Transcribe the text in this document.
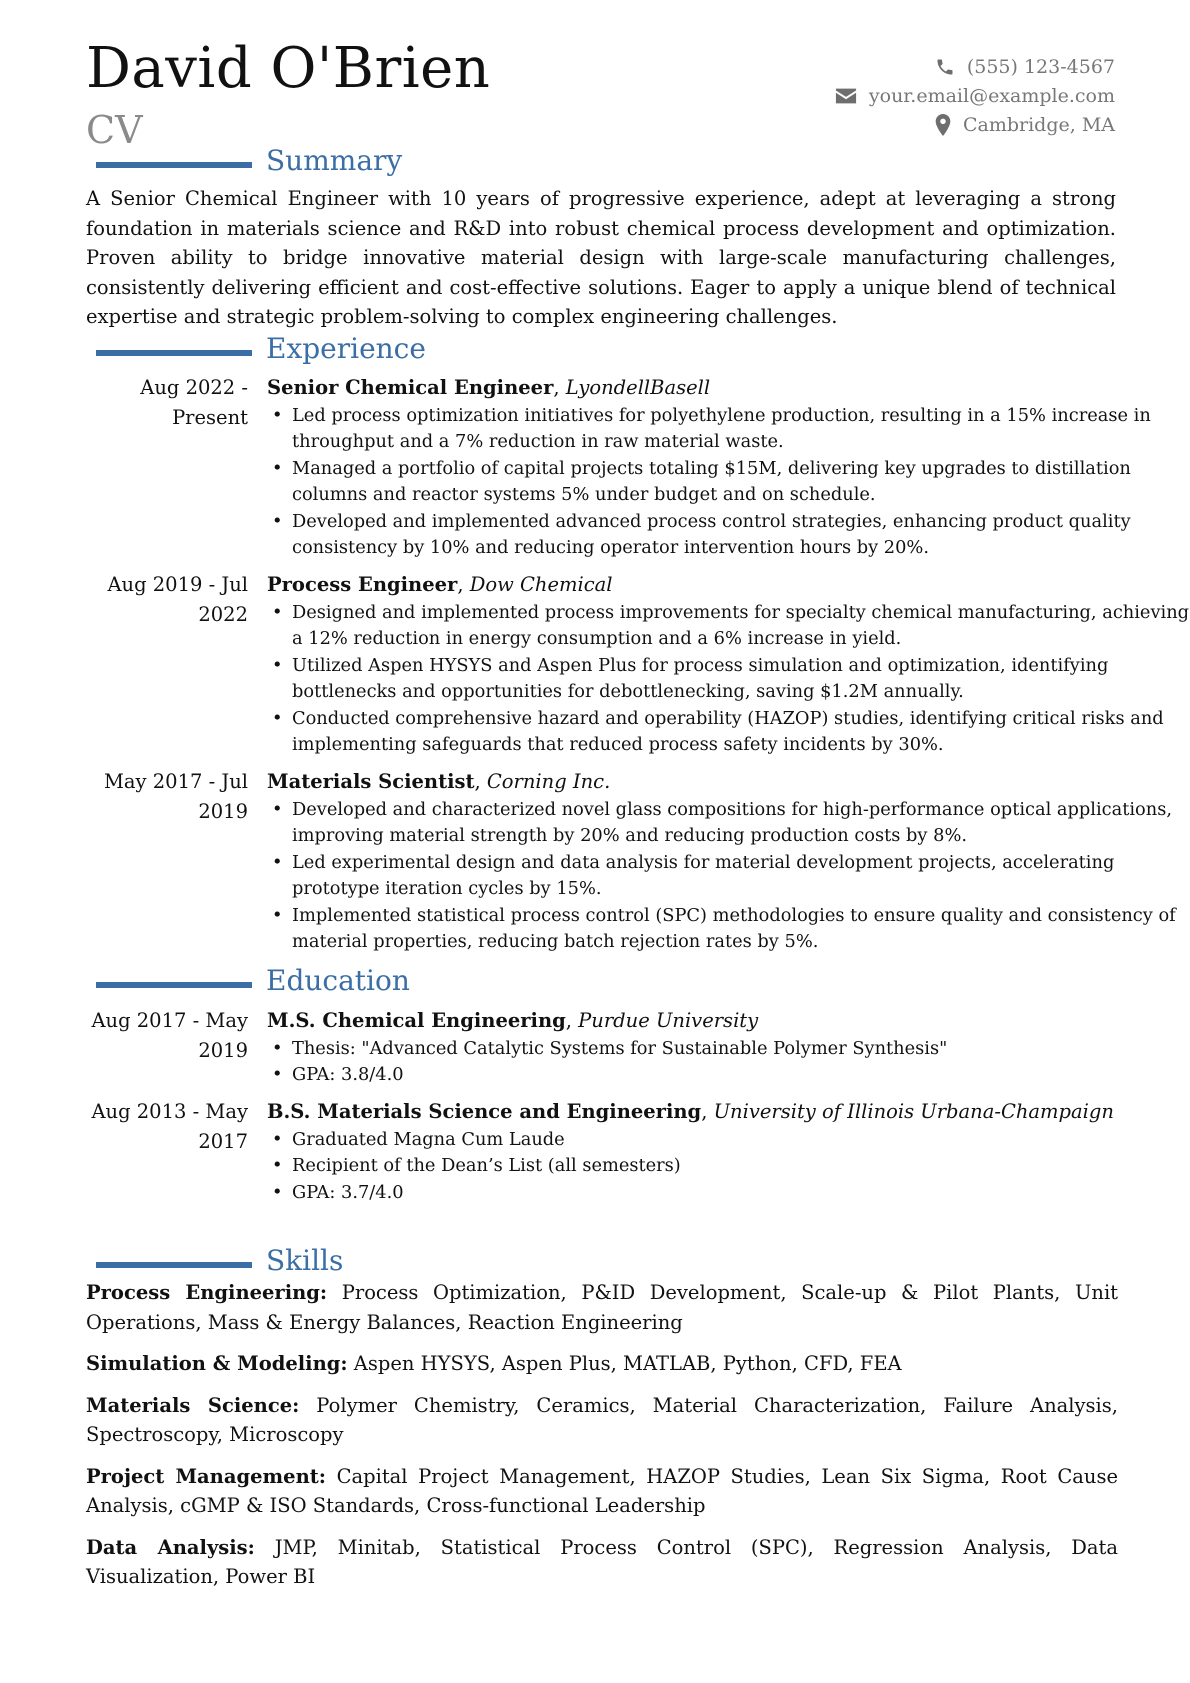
David O'Brien
CV
(555) 123-4567
your.email@example.com
Cambridge, MA
Summary

A Senior Chemical Engineer with 10 years of progressive experience, adept at leveraging a strong foundation in materials science and R&D into robust chemical process development and optimization. Proven ability to bridge innovative material design with large-scale manufacturing challenges, consistently delivering efficient and cost-effective solutions. Eager to apply a unique blend of technical expertise and strategic problem-solving to complex engineering challenges.

Experience
Aug 2022 - Present
Senior Chemical Engineer, LyondellBasell
• Led process optimization initiatives for polyethylene production, resulting in a 15% increase in throughput and a 7% reduction in raw material waste.
• Managed a portfolio of capital projects totaling $15M, delivering key upgrades to distillation columns and reactor systems 5% under budget and on schedule.
• Developed and implemented advanced process control strategies, enhancing product quality consistency by 10% and reducing operator intervention hours by 20%.
Aug 2019 - Jul 2022
Process Engineer, Dow Chemical
• Designed and implemented process improvements for specialty chemical manufacturing, achieving a 12% reduction in energy consumption and a 6% increase in yield.
• Utilized Aspen HYSYS and Aspen Plus for process simulation and optimization, identifying bottlenecks and opportunities for debottlenecking, saving $1.2M annually.
• Conducted comprehensive hazard and operability (HAZOP) studies, identifying critical risks and implementing safeguards that reduced process safety incidents by 30%.
May 2017 - Jul 2019
Materials Scientist, Corning Inc.
• Developed and characterized novel glass compositions for high-performance optical applications, improving material strength by 20% and reducing production costs by 8%.
• Led experimental design and data analysis for material development projects, accelerating prototype iteration cycles by 15%.
• Implemented statistical process control (SPC) methodologies to ensure quality and consistency of material properties, reducing batch rejection rates by 5%.
Education
Aug 2017 - May 2019
M.S. Chemical Engineering, Purdue University
• Thesis: "Advanced Catalytic Systems for Sustainable Polymer Synthesis"
• GPA: 3.8/4.0
Aug 2013 - May 2017
B.S. Materials Science and Engineering, University of Illinois Urbana-Champaign
• Graduated Magna Cum Laude
• Recipient of the Dean’s List (all semesters)
• GPA: 3.7/4.0
Skills

Process Engineering: Process Optimization, P&ID Development, Scale-up & Pilot Plants, Unit Operations, Mass & Energy Balances, Reaction Engineering

Simulation & Modeling: Aspen HYSYS, Aspen Plus, MATLAB, Python, CFD, FEA

Materials Science: Polymer Chemistry, Ceramics, Material Characterization, Failure Analysis, Spectroscopy, Microscopy

Project Management: Capital Project Management, HAZOP Studies, Lean Six Sigma, Root Cause Analysis, cGMP & ISO Standards, Cross-functional Leadership

Data Analysis: JMP, Minitab, Statistical Process Control (SPC), Regression Analysis, Data Visualization, Power BI
